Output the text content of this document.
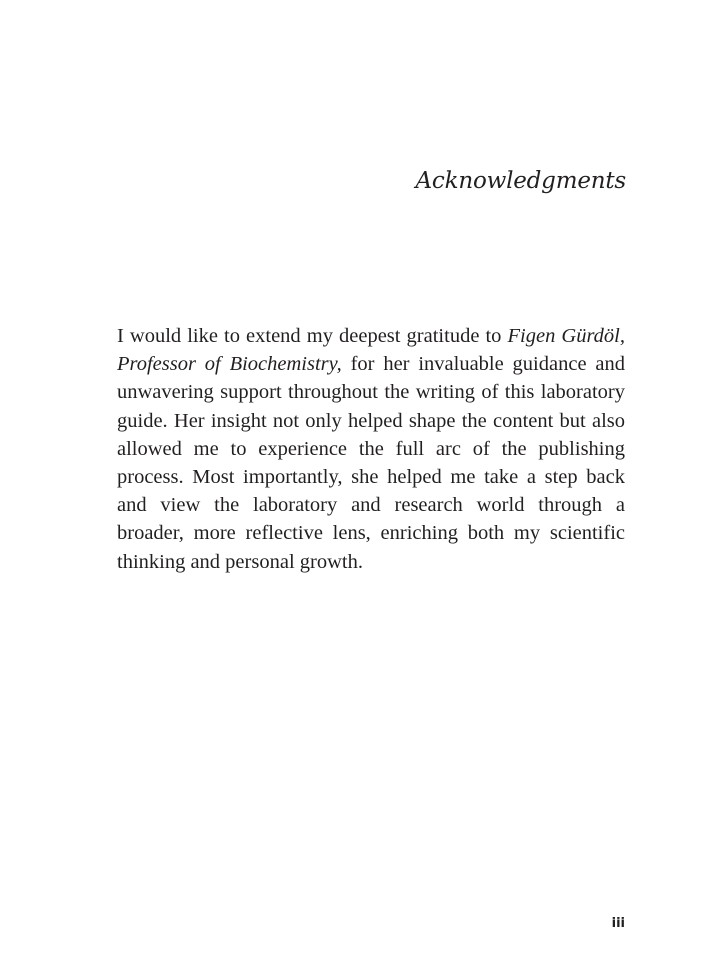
Acknowledgments

I would like to extend my deepest gratitude to Figen Gürdöl, Professor of Biochemistry, for her invaluable guidance and unwavering support throughout the writing of this laboratory guide. Her insight not only helped shape the content but also allowed me to experience the full arc of the publishing process. Most importantly, she helped me take a step back and view the laboratory and research world through a broader, more reflective lens, enriching both my scientific thinking and personal growth.

iii
